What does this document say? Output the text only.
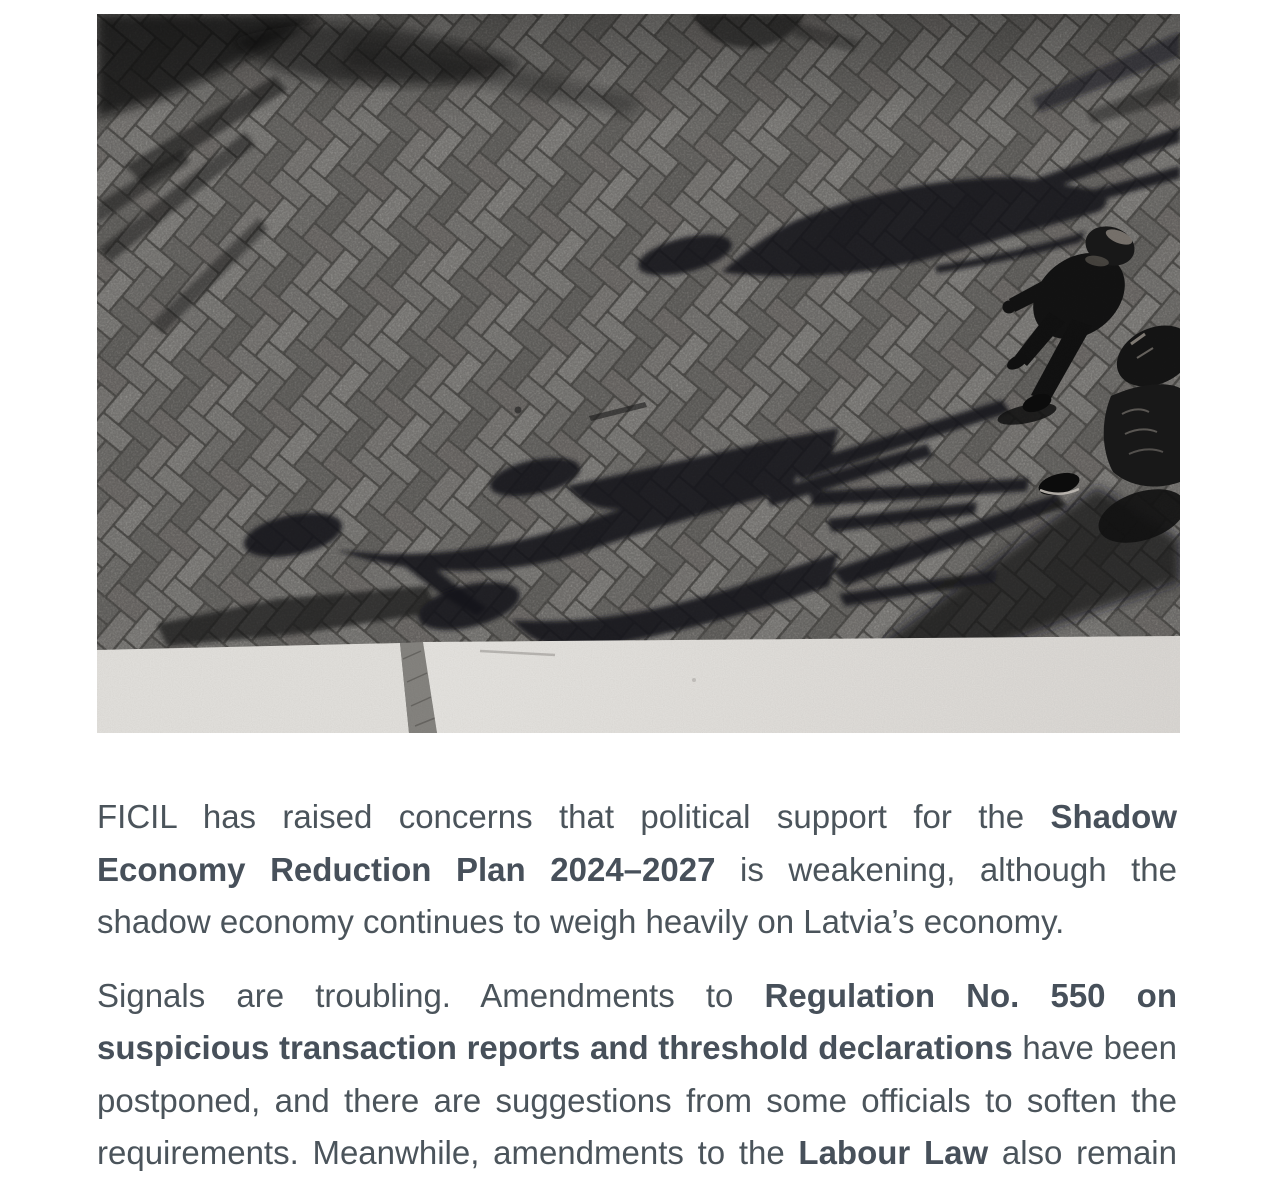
FICIL has raised concerns that political support for the Shadow
Economy Reduction Plan 2024–2027 is weakening, although the
shadow economy continues to weigh heavily on Latvia’s economy.
Signals are troubling. Amendments to Regulation No. 550 on
suspicious transaction reports and threshold declarations have been
postponed, and there are suggestions from some officials to soften the
requirements. Meanwhile, amendments to the Labour Law also remain
